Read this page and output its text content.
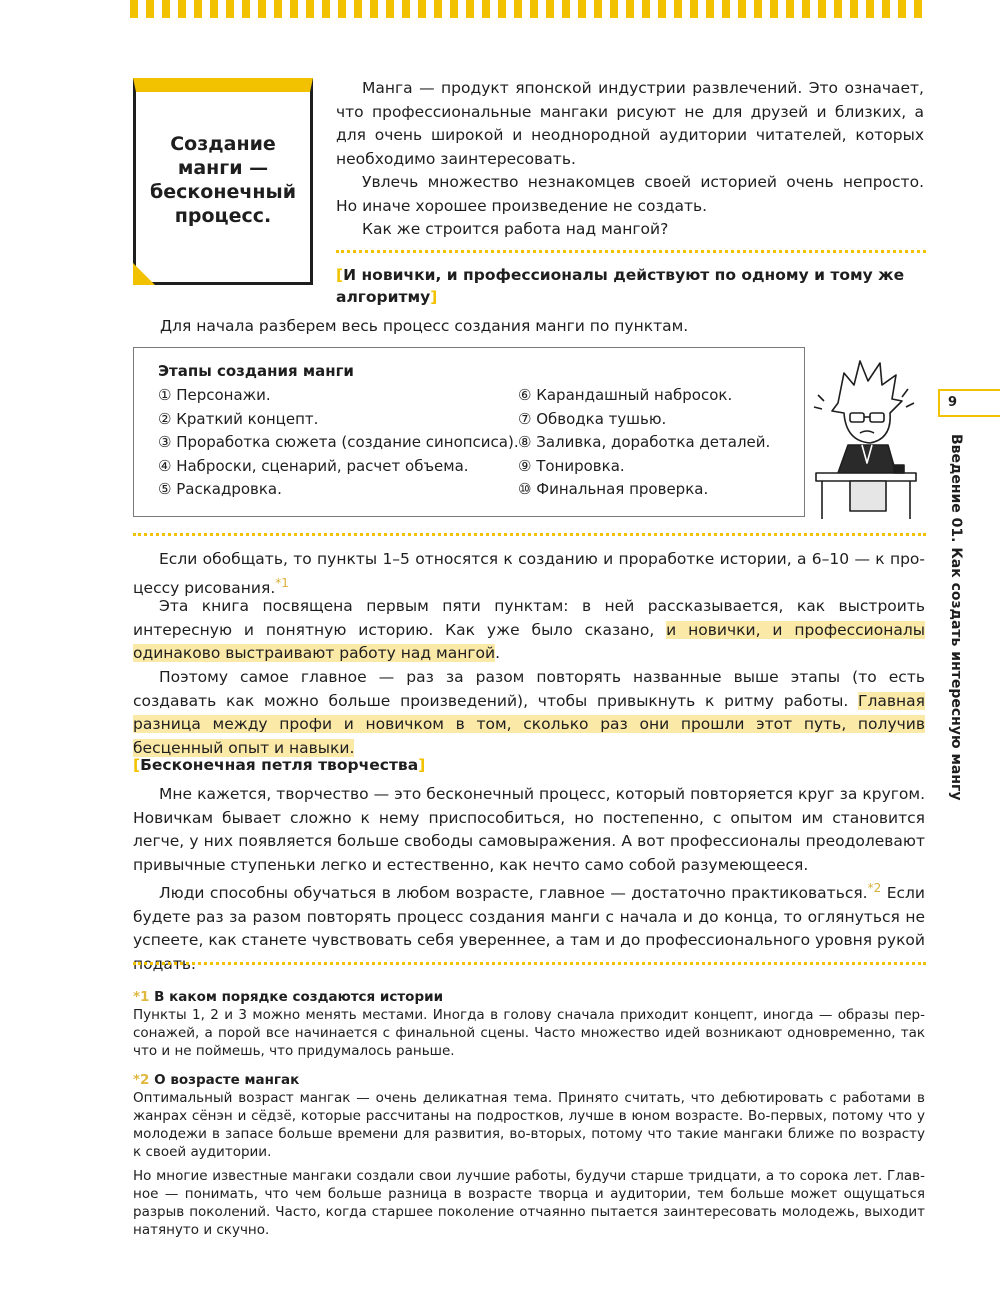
Создание
манги —
бесконечный
процесс.

Манга — продукт японской индустрии развлечений. Это означает, что профессиональные мангаки рисуют не для друзей и близких, а для очень широкой и неоднородной аудитории читателей, которых необходимо заинтересовать.

Увлечь множество незнакомцев своей историей очень непросто. Но иначе хорошее произведение не создать.

Как же строится работа над мангой?

[И новички, и профессионалы действуют по одному и тому же алгоритму]

Для начала разберем весь процесс создания манги по пунктам.

Этапы создания манги
① Персонажи.
② Краткий концепт.
③ Проработка сюжета (создание синопсиса).
④ Наброски, сценарий, расчет объема.
⑤ Раскадровка.
⑥ Карандашный набросок.
⑦ Обводка тушью.
⑧ Заливка, доработка деталей.
⑨ Тонировка.
⑩ Финальная проверка.

Если обобщать, то пункты 1–5 относятся к созданию и проработке истории, а 6–10 — к процессу рисования.$^{*1}$

Эта книга посвящена первым пяти пунктам: в ней рассказывается, как выстроить интересную и понятную историю. Как уже было сказано, и новички, и профессионалы одинаково выстраивают работу над мангой.

Поэтому самое главное — раз за разом повторять названные выше этапы (то есть создавать как можно больше произведений), чтобы привыкнуть к ритму работы. Главная разница между профи и новичком в том, сколько раз они прошли этот путь, получив бесценный опыт и навыки.

[Бесконечная петля творчества]

Мне кажется, творчество — это бесконечный процесс, который повторяется круг за кругом. Новичкам бывает сложно к нему приспособиться, но постепенно, с опытом им становится легче, у них появляется больше свободы самовыражения. А вот профессионалы преодолевают привычные ступеньки легко и естественно, как нечто само собой разумеющееся.

Люди способны обучаться в любом возрасте, главное — достаточно практиковаться.$^{*2}$ Если будете раз за разом повторять процесс создания манги с начала и до конца, то оглянуться не успеете, как станете чувствовать себя увереннее, а там и до профессионального уровня рукой подать.

*1 В каком порядке создаются истории
Пункты 1, 2 и 3 можно менять местами. Иногда в голову сначала приходит концепт, иногда — образы персонажей, а порой все начинается с финальной сцены. Часто множество идей возникают одновременно, так что и не поймешь, что придумалось раньше.
*2 О возрасте мангак
Оптимальный возраст мангак — очень деликатная тема. Принято считать, что дебютировать с работами в жанрах сёнэн и сёдзё, которые рассчитаны на подростков, лучше в юном возрасте. Во-первых, потому что у молодежи в запасе больше времени для развития, во-вторых, потому что такие мангаки ближе по возрасту к своей аудитории.
Но многие известные мангаки создали свои лучшие работы, будучи старше тридцати, а то сорока лет. Главное — понимать, что чем больше разница в возрасте творца и аудитории, тем больше может ощущаться разрыв поколений. Часто, когда старшее поколение отчаянно пытается заинтересовать молодежь, выходит натянуто и скучно.
9
Введение 01. Как создать интересную мангу
